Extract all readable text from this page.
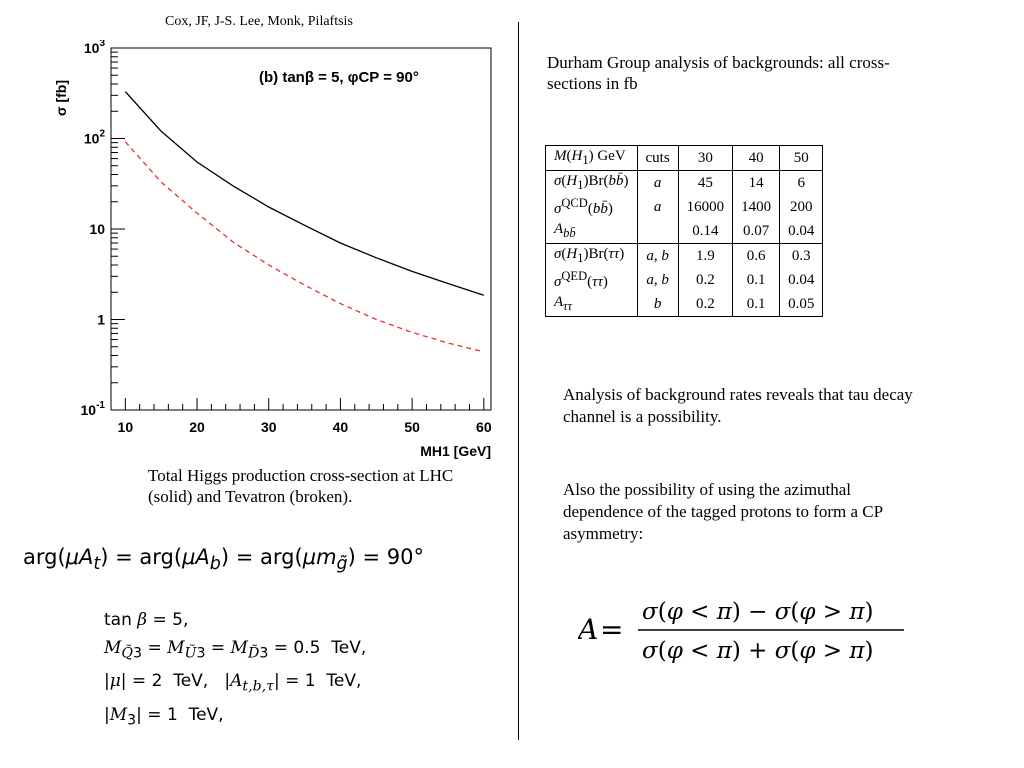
Cox, JF, J-S. Lee, Monk, Pilaftsis
10	20	30	40	50	60
$10^{-1}$
1
10
$10^2$
$10^3$
σ [fb]
MH1 [GeV]
(b) tanβ = 5, φCP = 90°
Total Higgs production cross-section at LHC (solid) and Tevatron (broken).
$arg(\mu A_t) = arg(\mu A_b) = arg(\mu m_{g̃}) = 90^\circ$
tan β = 5,
$M_{Q̃3} = M_{Ũ3} = M_{D̃3} = 0.5$  TeV,
|μ| = 2  TeV,   $|A_{t,b,\tau}| = 1$  TeV,
$|M_3| = 1$  TeV,
Durham Group analysis of backgrounds: all cross-sections in fb
$M(H_1)$ GeV	cuts	30	40	50
$\sigma(H_1)Br(bb̄)$	a	45	14	6
$\sigma^{QCD}(bb̄)$	a	16000	1400	200
$A_{bb̄}$		0.14	0.07	0.04
$\sigma(H_1)Br(\tau\tau)$	a, b	1.9	0.6	0.3
$\sigma^{QED}(\tau\tau)$	a, b	0.2	0.1	0.04
$A_{\tau\tau}$	b	0.2	0.1	0.05
Analysis of background rates reveals that tau decay channel is a possibility.
Also the possibility of using the azimuthal dependence of the tagged protons to form a CP asymmetry:
A =
σ(φ < π) − σ(φ > π)
σ(φ < π) + σ(φ > π)
